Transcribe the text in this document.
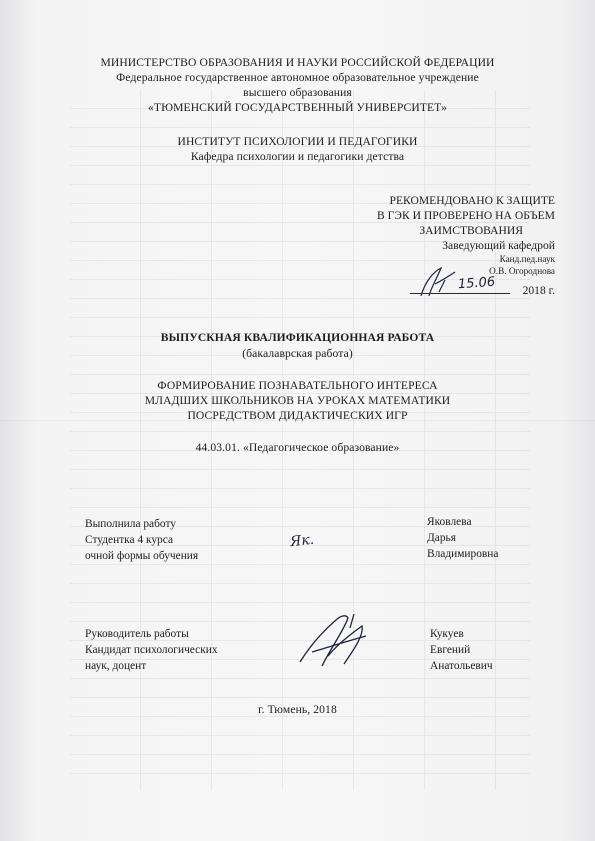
МИНИСТЕРСТВО ОБРАЗОВАНИЯ И НАУКИ РОССИЙСКОЙ ФЕДЕРАЦИИ
Федеральное государственное автономное образовательное учреждение
высшего образования
«ТЮМЕНСКИЙ ГОСУДАРСТВЕННЫЙ УНИВЕРСИТЕТ»
ИНСТИТУТ ПСИХОЛОГИИ И ПЕДАГОГИКИ
Кафедра психологии и педагогики детства
РЕКОМЕНДОВАНО К ЗАЩИТЕ
В ГЭК И ПРОВЕРЕНО НА ОБЪЕМ
ЗАИМСТВОВАНИЯ
Заведующий кафедрой
Канд.пед.наук
О.В. Огороднова
15.06 2018 г.
ВЫПУСКНАЯ КВАЛИФИКАЦИОННАЯ РАБОТА
(бакалаврская работа)
ФОРМИРОВАНИЕ ПОЗНАВАТЕЛЬНОГО ИНТЕРЕСА
МЛАДШИХ ШКОЛЬНИКОВ НА УРОКАХ МАТЕМАТИКИ
ПОСРЕДСТВОМ ДИДАКТИЧЕСКИХ ИГР
44.03.01. «Педагогическое образование»
Выполнила работу
Студентка 4 курса
очной формы обучения
Як.
Яковлева
Дарья
Владимировна
Руководитель работы
Кандидат психологических
наук, доцент
Кукуев
Евгений
Анатольевич
г. Тюмень, 2018
